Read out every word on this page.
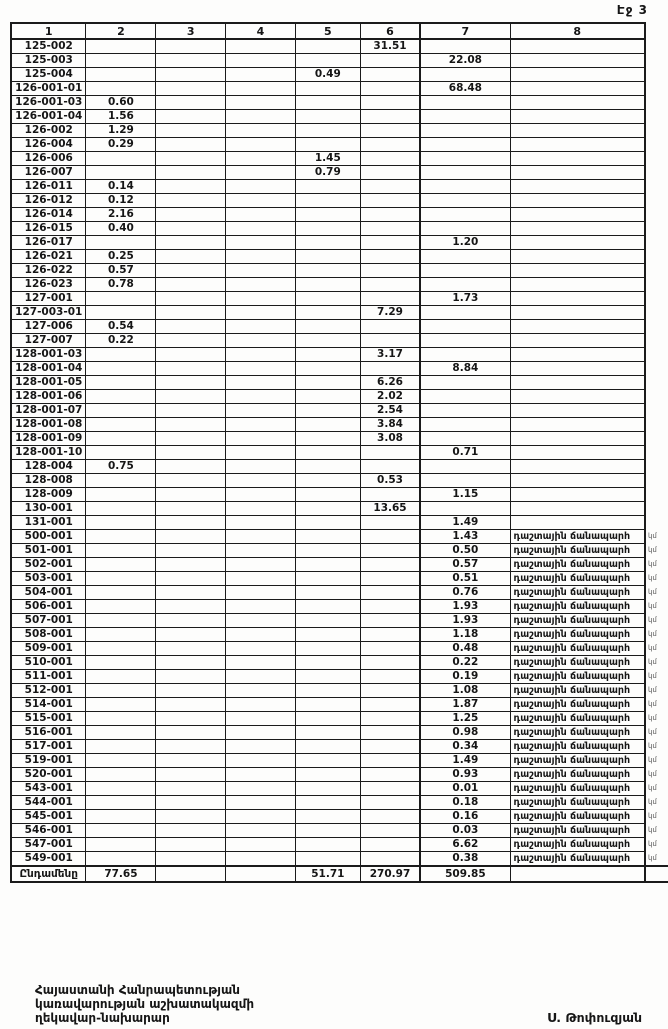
Էջ 3
1	2	3	4	5	6	7	8	
125-002					31.51			
125-003						22.08		
125-004				0.49				
126-001-01						68.48		
126-001-03	0.60							
126-001-04	1.56							
126-002	1.29							
126-004	0.29							
126-006				1.45				
126-007				0.79				
126-011	0.14							
126-012	0.12							
126-014	2.16							
126-015	0.40							
126-017						1.20		
126-021	0.25							
126-022	0.57							
126-023	0.78							
127-001						1.73		
127-003-01					7.29			
127-006	0.54							
127-007	0.22							
128-001-03					3.17			
128-001-04						8.84		
128-001-05					6.26			
128-001-06					2.02			
128-001-07					2.54			
128-001-08					3.84			
128-001-09					3.08			
128-001-10						0.71		
128-004	0.75							
128-008					0.53			
128-009						1.15		
130-001					13.65			
131-001						1.49		
500-001						1.43	դաշտային ճանապարհ	կմ
501-001						0.50	դաշտային ճանապարհ	կմ
502-001						0.57	դաշտային ճանապարհ	կմ
503-001						0.51	դաշտային ճանապարհ	կմ
504-001						0.76	դաշտային ճանապարհ	կմ
506-001						1.93	դաշտային ճանապարհ	կմ
507-001						1.93	դաշտային ճանապարհ	կմ
508-001						1.18	դաշտային ճանապարհ	կմ
509-001						0.48	դաշտային ճանապարհ	կմ
510-001						0.22	դաշտային ճանապարհ	կմ
511-001						0.19	դաշտային ճանապարհ	կմ
512-001						1.08	դաշտային ճանապարհ	կմ
514-001						1.87	դաշտային ճանապարհ	կմ
515-001						1.25	դաշտային ճանապարհ	կմ
516-001						0.98	դաշտային ճանապարհ	կմ
517-001						0.34	դաշտային ճանապարհ	կմ
519-001						1.49	դաշտային ճանապարհ	կմ
520-001						0.93	դաշտային ճանապարհ	կմ
543-001						0.01	դաշտային ճանապարհ	կմ
544-001						0.18	դաշտային ճանապարհ	կմ
545-001						0.16	դաշտային ճանապարհ	կմ
546-001						0.03	դաշտային ճանապարհ	կմ
547-001						6.62	դաշտային ճանապարհ	կմ
549-001						0.38	դաշտային ճանապարհ	կմ
Ընդամենը	77.65			51.71	270.97	509.85		
Հայաստանի Հանրապետության
կառավարության աշխատակազմի
ղեկավար-նախարար	Ս. Թոփուզյան
